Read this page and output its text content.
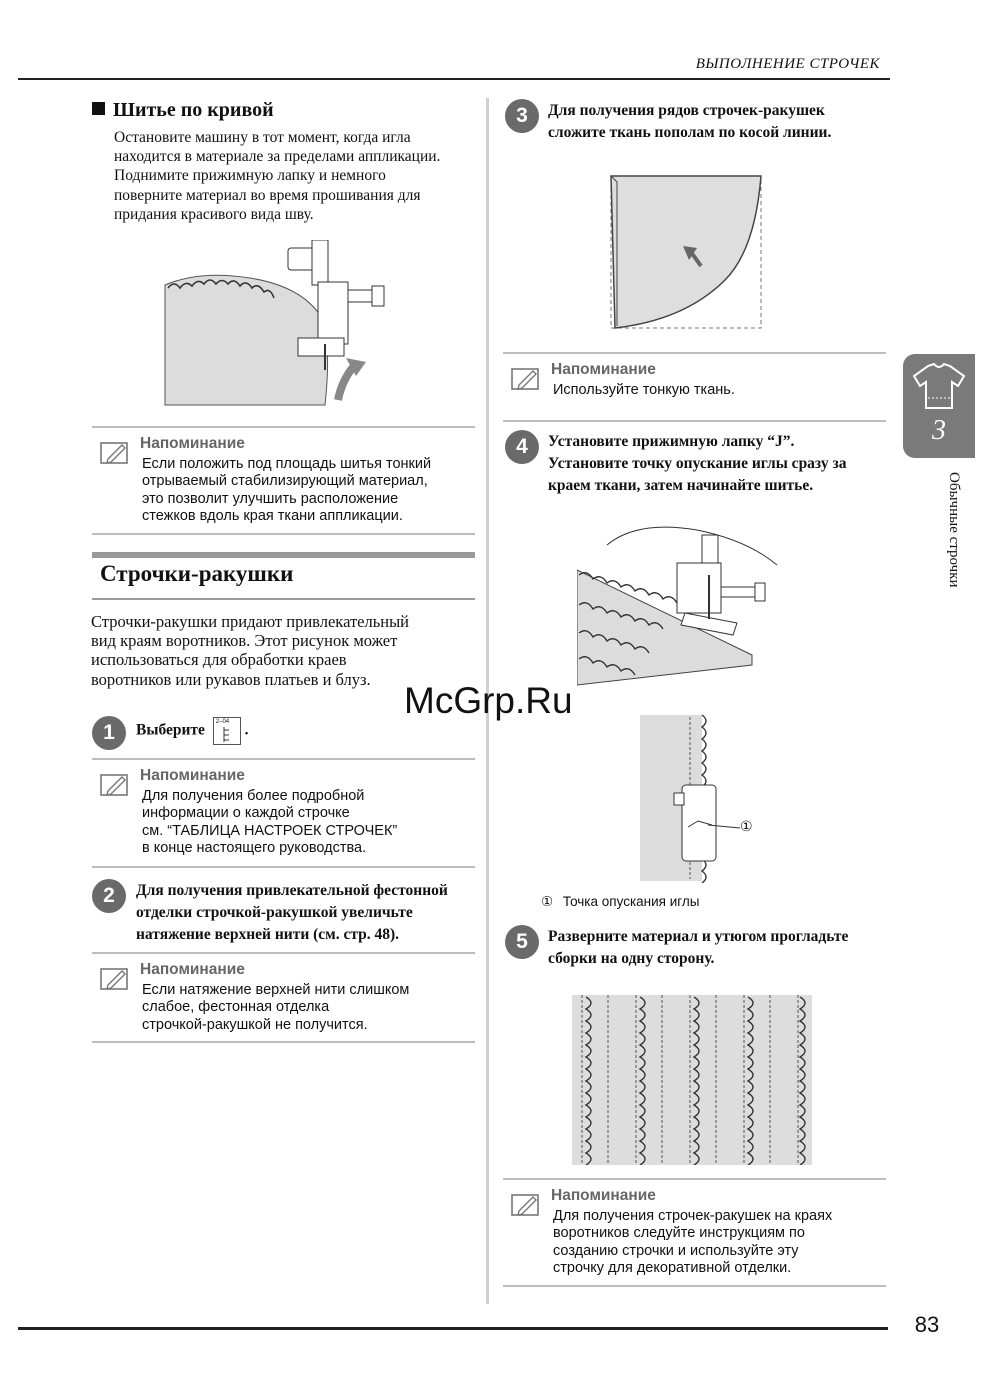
ВЫПОЛНЕНИЕ СТРОЧЕК
Шитье по кривой
Остановите машину в тот момент, когда игла
находится в материале за пределами аппликации.
Поднимите прижимную лапку и немного
поверните материал во время прошивания для
придания красивого вида шву.
Напоминание
Если положить под площадь шитья тонкий
отрываемый стабилизирующий материал,
это позволит улучшить расположение
стежков вдоль края ткани аппликации.
Строчки-ракушки
Строчки-ракушки придают привлекательный
вид краям воротников. Этот рисунок может
использоваться для обработки краев
воротников или рукавов платьев и блуз.
1	Выберите 2–04 .
Напоминание
Для получения более подробной
информации о каждой строчке
см. “ТАБЛИЦА НАСТРОЕК СТРОЧЕК”
в конце настоящего руководства.
2	Для получения привлекательной фестонной
отделки строчкой-ракушкой увеличьте
натяжение верхней нити (см. стр. 48).
Напоминание
Если натяжение верхней нити слишком
слабое, фестонная отделка
строчкой-ракушкой не получится.
3	Для получения рядов строчек-ракушек
сложите ткань пополам по косой линии.
Напоминание
Используйте тонкую ткань.
4	Установите прижимную лапку “J”.
Установите точку опускание иглы сразу за
краем ткани, затем начинайте шитье.
①
① Точка опускания иглы
5	Разверните материал и утюгом прогладьте
сборки на одну сторону.
Напоминание
Для получения строчек-ракушек на краях
воротников следуйте инструкциям по
созданию строчки и используйте эту
строчку для декоративной отделки.
3
Обычные строчки
McGrp.Ru
83
